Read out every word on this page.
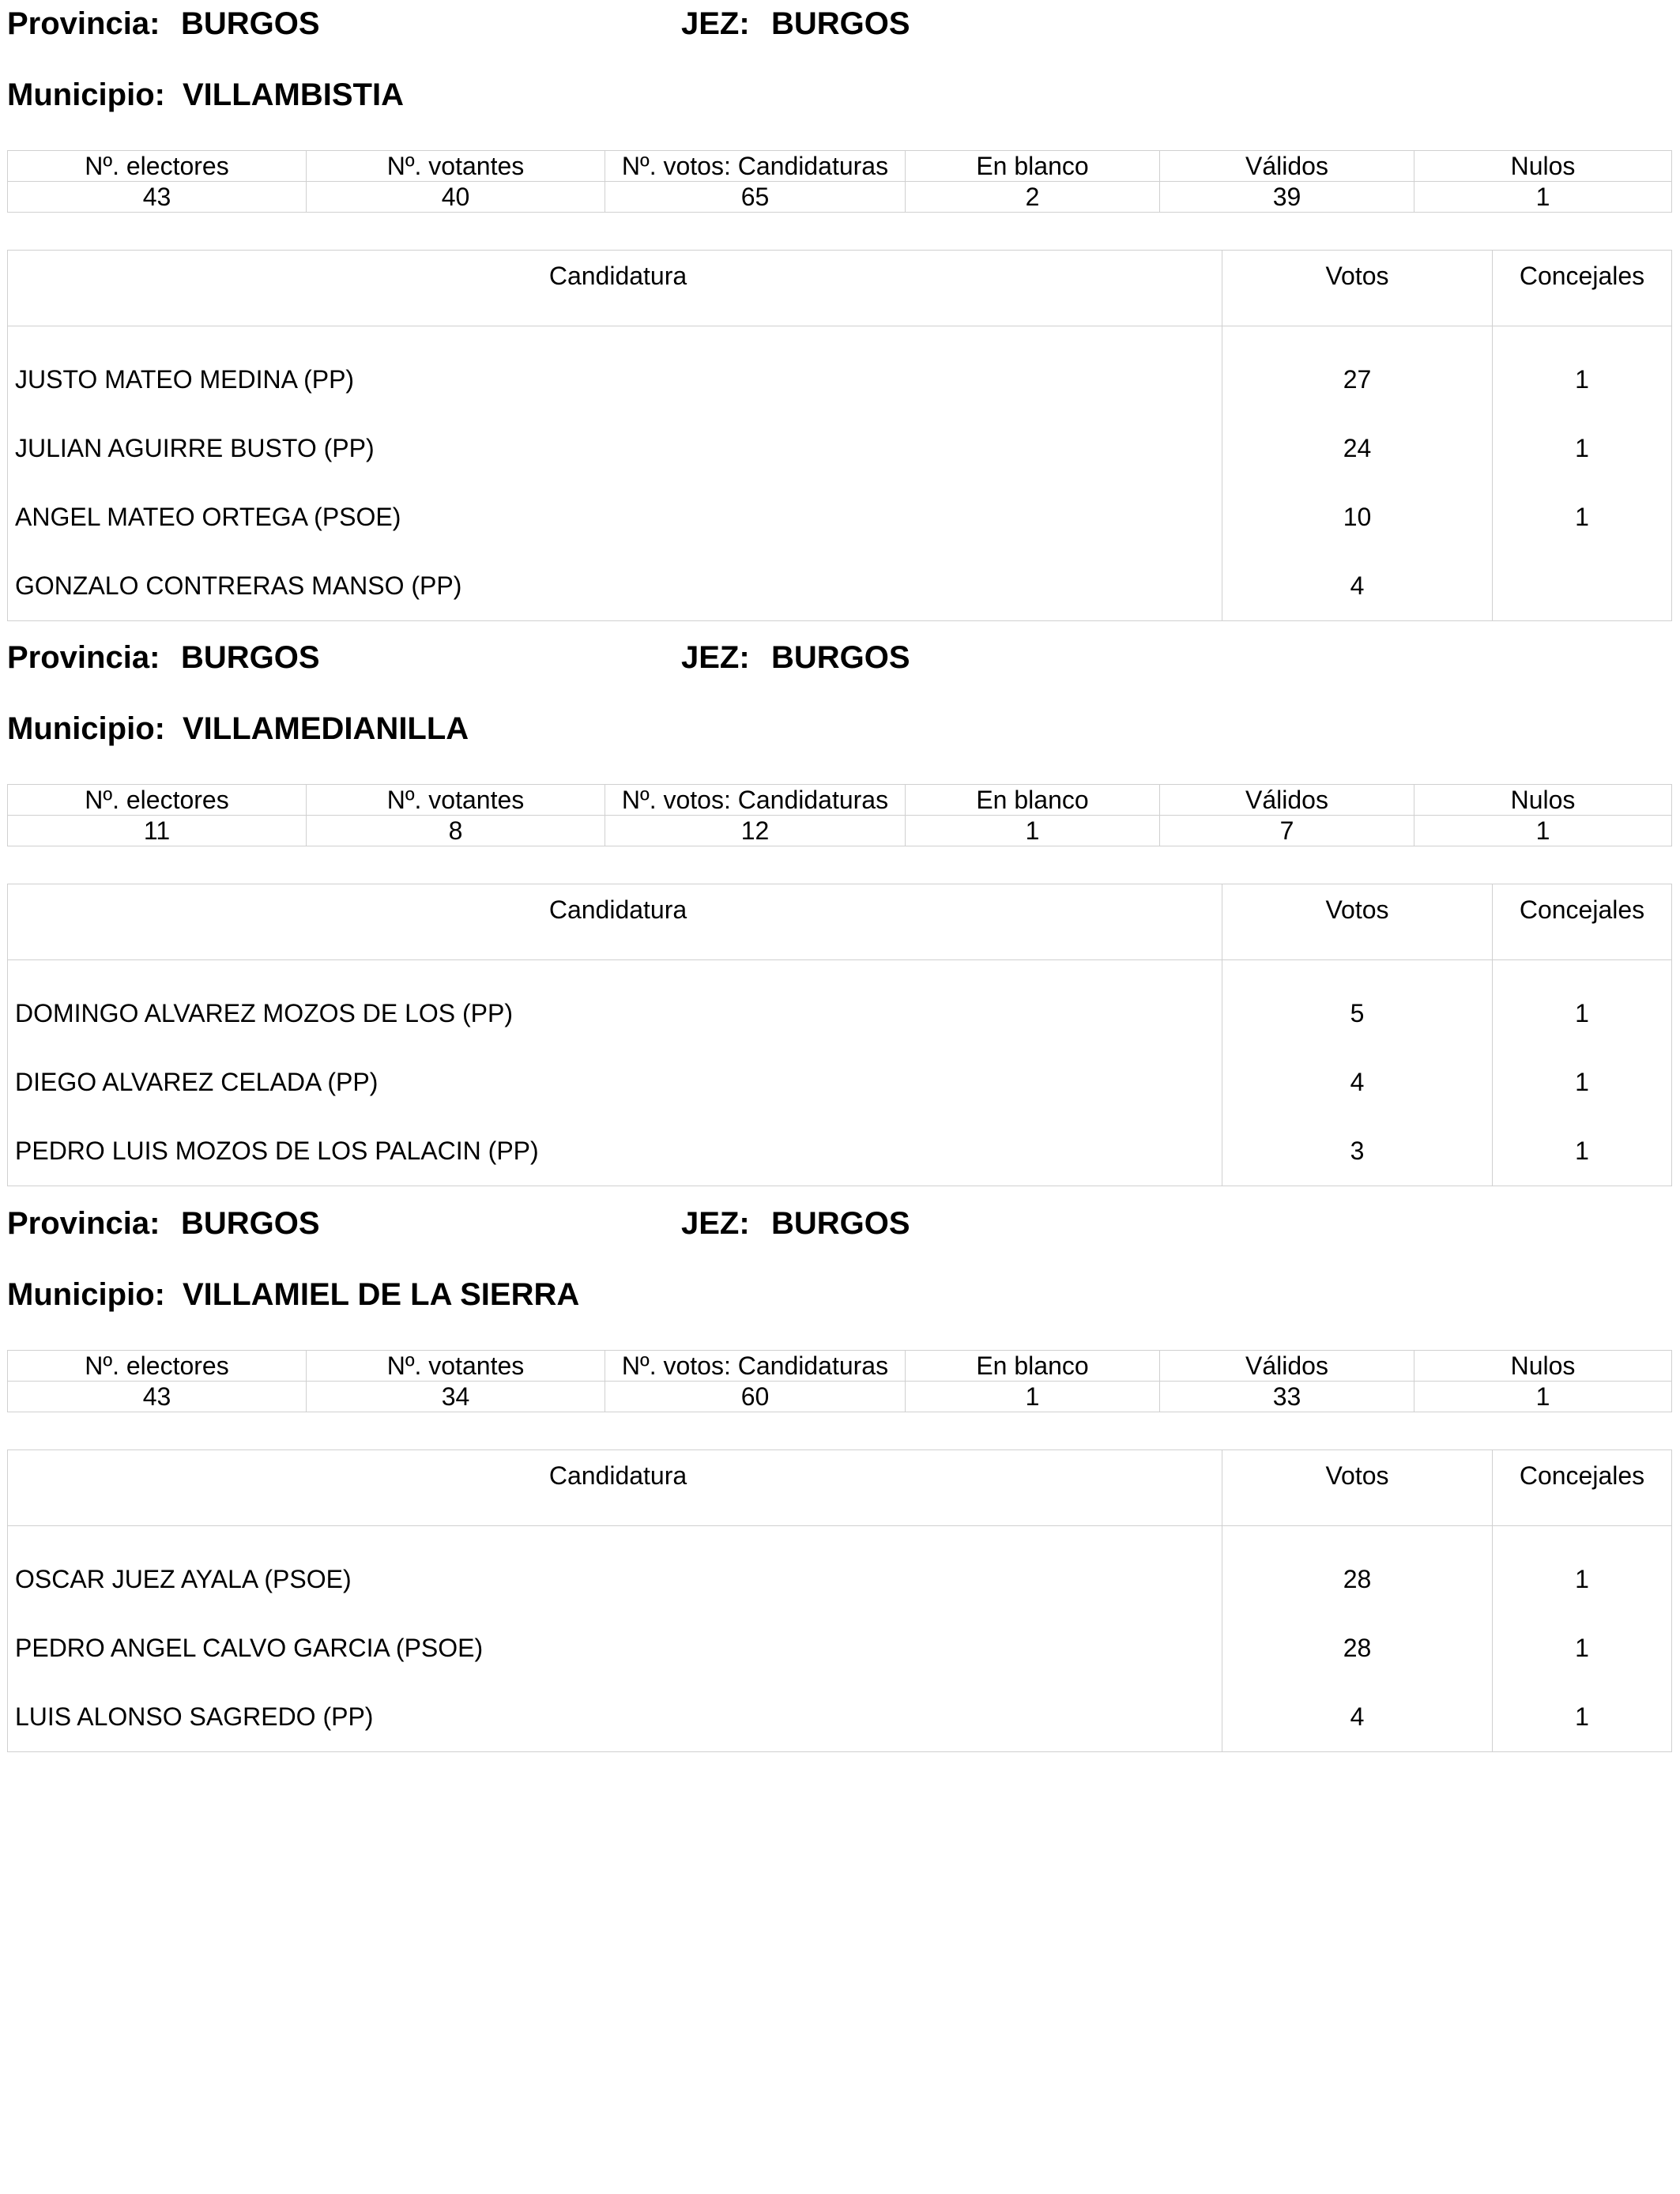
Provincia: BURGOS	JEZ: BURGOS
Municipio: VILLAMBISTIA
Nº. electores	Nº. votantes	Nº. votos: Candidaturas	En blanco	Válidos	Nulos
43	40	65	2	39	1
Candidatura	Votos	Concejales
JUSTO MATEO MEDINA (PP)	27	1
JULIAN AGUIRRE BUSTO (PP)	24	1
ANGEL MATEO ORTEGA (PSOE)	10	1
GONZALO CONTRERAS MANSO (PP)	4	
Provincia: BURGOS	JEZ: BURGOS
Municipio: VILLAMEDIANILLA
Nº. electores	Nº. votantes	Nº. votos: Candidaturas	En blanco	Válidos	Nulos
11	8	12	1	7	1
Candidatura	Votos	Concejales
DOMINGO ALVAREZ MOZOS DE LOS (PP)	5	1
DIEGO ALVAREZ CELADA (PP)	4	1
PEDRO LUIS MOZOS DE LOS PALACIN (PP)	3	1
Provincia: BURGOS	JEZ: BURGOS
Municipio: VILLAMIEL DE LA SIERRA
Nº. electores	Nº. votantes	Nº. votos: Candidaturas	En blanco	Válidos	Nulos
43	34	60	1	33	1
Candidatura	Votos	Concejales
OSCAR JUEZ AYALA (PSOE)	28	1
PEDRO ANGEL CALVO GARCIA (PSOE)	28	1
LUIS ALONSO SAGREDO (PP)	4	1
